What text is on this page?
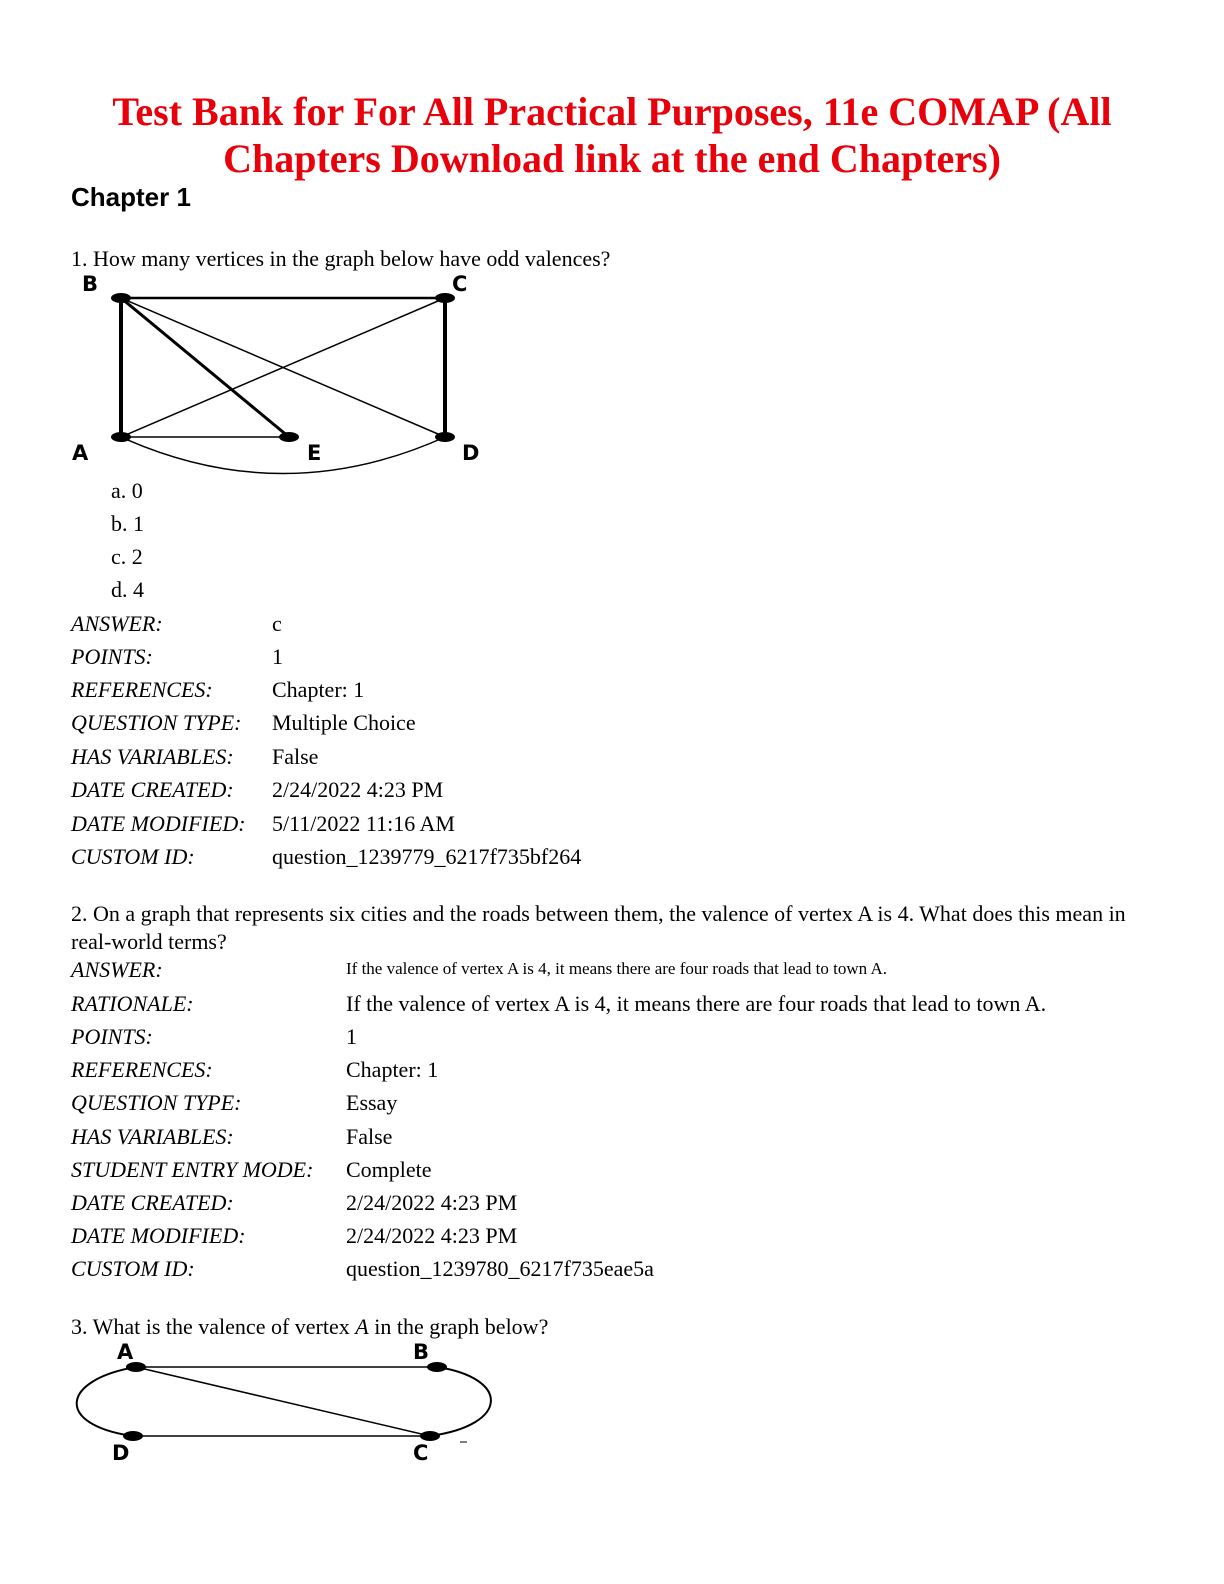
Test Bank for For All Practical Purposes, 11e COMAP (All Chapters Download link at the end Chapters)
Chapter 1
1. How many vertices in the graph below have odd valences?
B	C
A	E	D
a. 0
b. 1
c. 2
d. 4
ANSWER:	c
POINTS:	1
REFERENCES:	Chapter: 1
QUESTION TYPE: Multiple Choice
HAS VARIABLES: False
DATE CREATED: 2/24/2022 4:23 PM
DATE MODIFIED: 5/11/2022 11:16 AM
CUSTOM ID:	question_1239779_6217f735bf264
2. On a graph that represents six cities and the roads between them, the valence of vertex A is 4. What does this mean in real-world terms?
ANSWER:	If the valence of vertex A is 4, it means there are four roads that lead to town A.
RATIONALE:	If the valence of vertex A is 4, it means there are four roads that lead to town A.
POINTS:	1
REFERENCES:	Chapter: 1
QUESTION TYPE:	Essay
HAS VARIABLES:	False
STUDENT ENTRY MODE: Complete
DATE CREATED:	2/24/2022 4:23 PM
DATE MODIFIED:	2/24/2022 4:23 PM
CUSTOM ID:	question_1239780_6217f735eae5a
3. What is the valence of vertex A in the graph below?
A	B
D	C
